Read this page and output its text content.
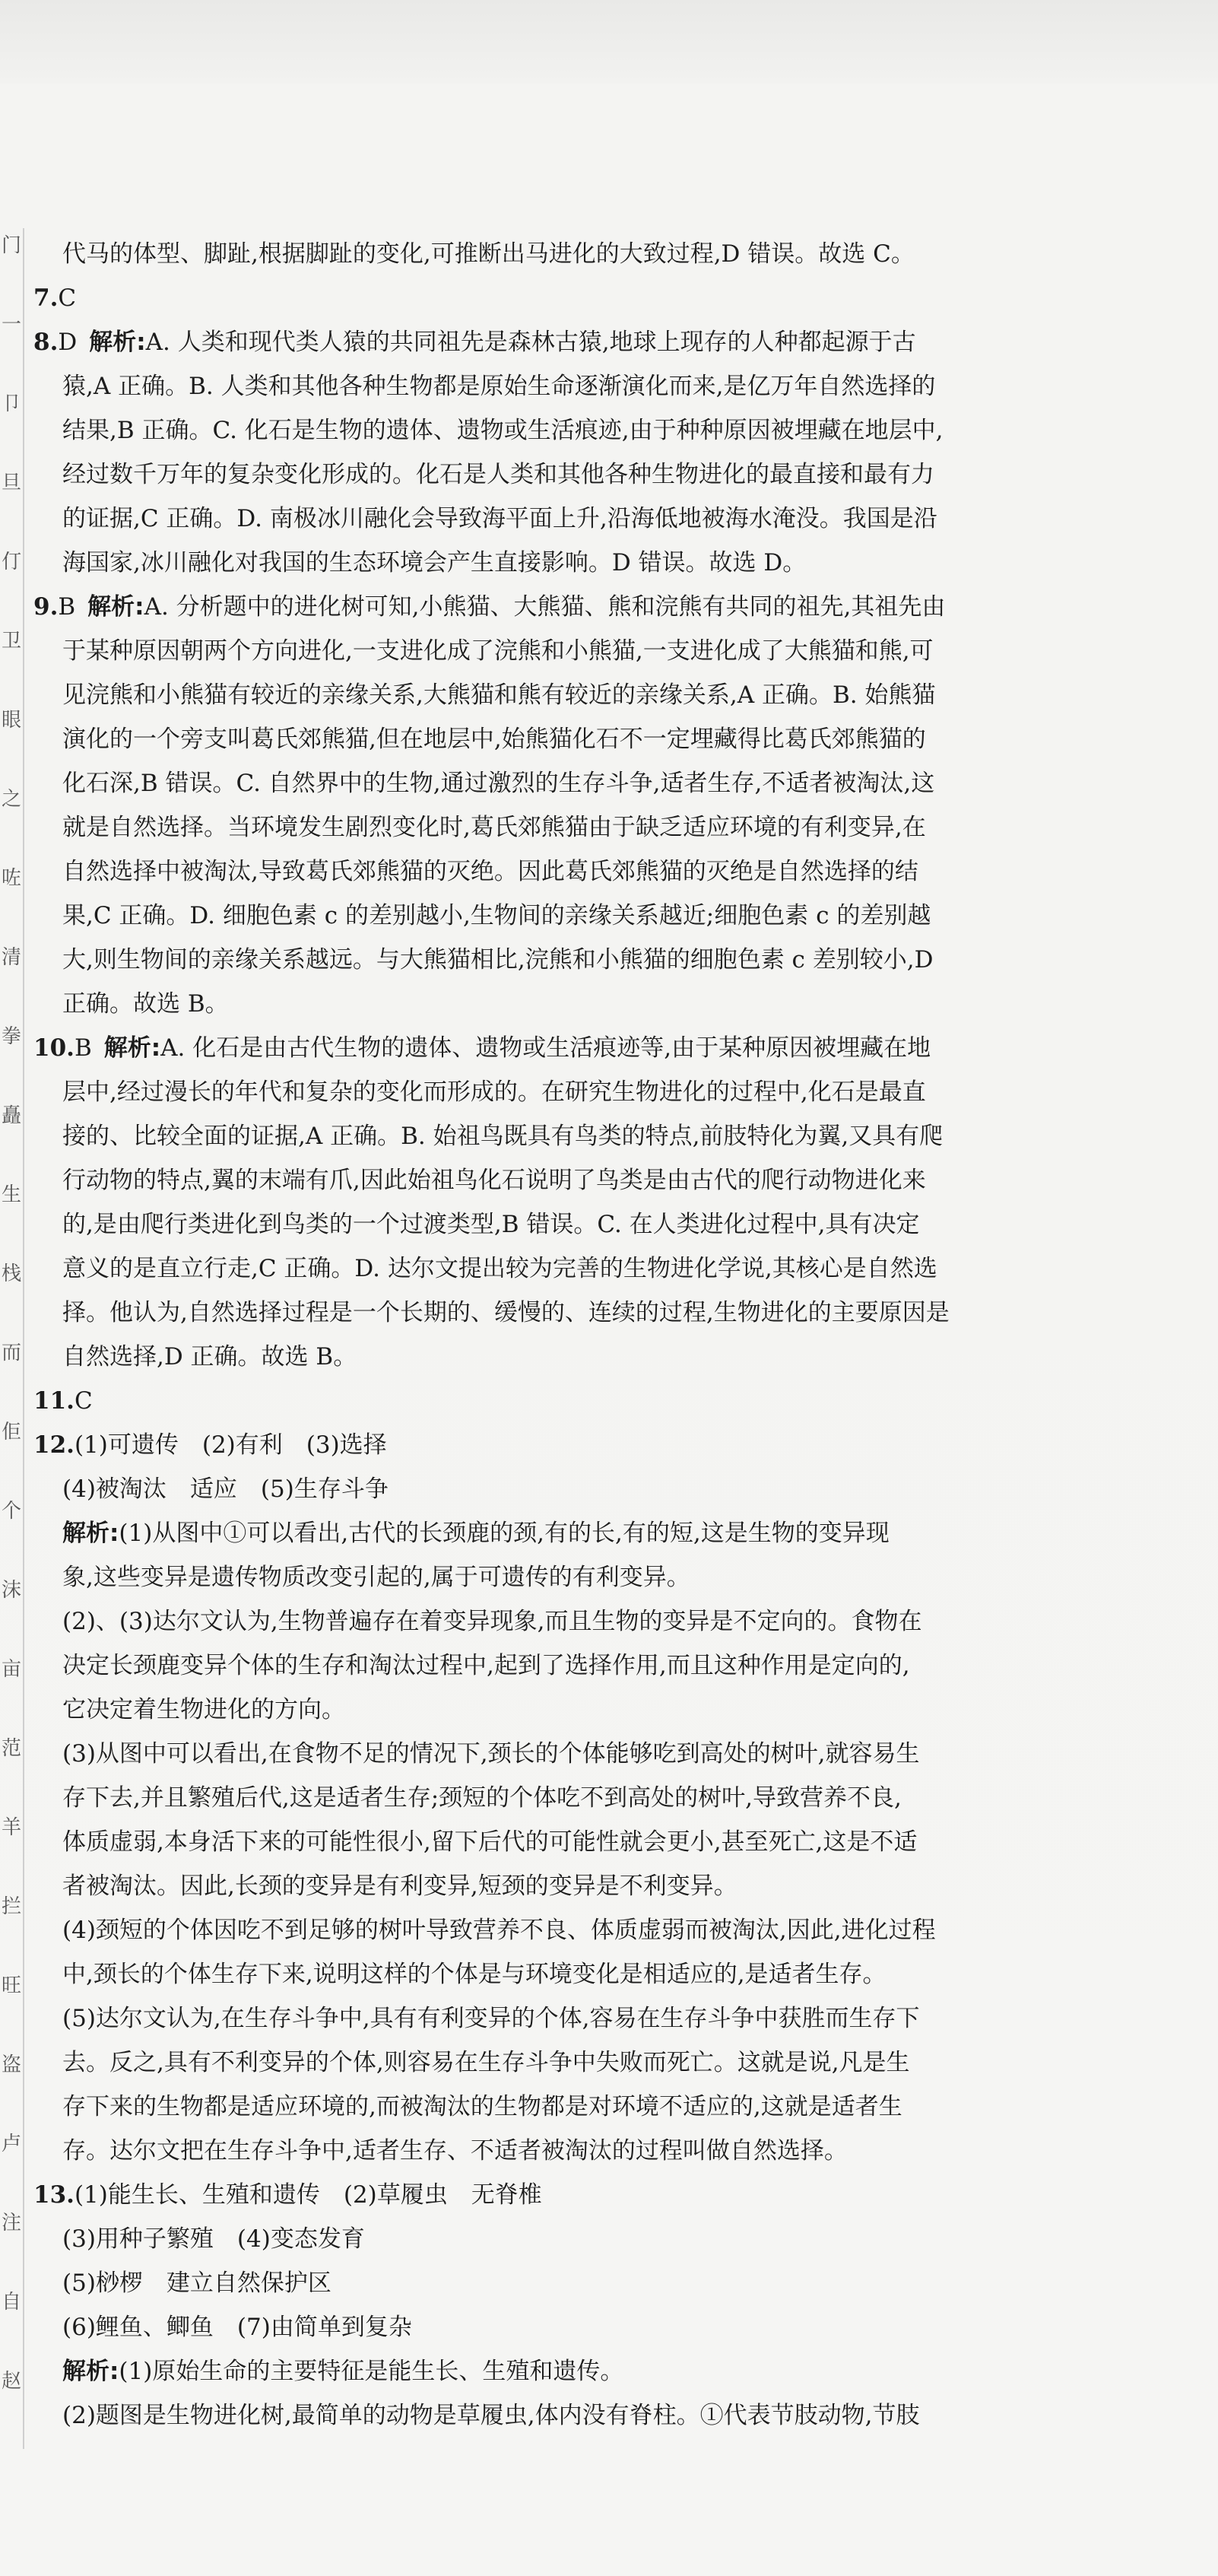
门
一
卩
旦
仃
卫
眼
之
咗
清
拳
矗
生
栈
而
佢
个
沫
亩
范
羊
拦
旺
盗
卢
注
自
赵
代马的体型、脚趾,根据脚趾的变化,可推断出马进化的大致过程,D 错误。故选 C。
7.C
8.D 解析:A. 人类和现代类人猿的共同祖先是森林古猿,地球上现存的人种都起源于古
猿,A 正确。B. 人类和其他各种生物都是原始生命逐渐演化而来,是亿万年自然选择的
结果,B 正确。C. 化石是生物的遗体、遗物或生活痕迹,由于种种原因被埋藏在地层中,
经过数千万年的复杂变化形成的。化石是人类和其他各种生物进化的最直接和最有力
的证据,C 正确。D. 南极冰川融化会导致海平面上升,沿海低地被海水淹没。我国是沿
海国家,冰川融化对我国的生态环境会产生直接影响。D 错误。故选 D。
9.B 解析:A. 分析题中的进化树可知,小熊猫、大熊猫、熊和浣熊有共同的祖先,其祖先由
于某种原因朝两个方向进化,一支进化成了浣熊和小熊猫,一支进化成了大熊猫和熊,可
见浣熊和小熊猫有较近的亲缘关系,大熊猫和熊有较近的亲缘关系,A 正确。B. 始熊猫
演化的一个旁支叫葛氏郊熊猫,但在地层中,始熊猫化石不一定埋藏得比葛氏郊熊猫的
化石深,B 错误。C. 自然界中的生物,通过激烈的生存斗争,适者生存,不适者被淘汰,这
就是自然选择。当环境发生剧烈变化时,葛氏郊熊猫由于缺乏适应环境的有利变异,在
自然选择中被淘汰,导致葛氏郊熊猫的灭绝。因此葛氏郊熊猫的灭绝是自然选择的结
果,C 正确。D. 细胞色素 c 的差别越小,生物间的亲缘关系越近;细胞色素 c 的差别越
大,则生物间的亲缘关系越远。与大熊猫相比,浣熊和小熊猫的细胞色素 c 差别较小,D
正确。故选 B。
10.B 解析:A. 化石是由古代生物的遗体、遗物或生活痕迹等,由于某种原因被埋藏在地
层中,经过漫长的年代和复杂的变化而形成的。在研究生物进化的过程中,化石是最直
接的、比较全面的证据,A 正确。B. 始祖鸟既具有鸟类的特点,前肢特化为翼,又具有爬
行动物的特点,翼的末端有爪,因此始祖鸟化石说明了鸟类是由古代的爬行动物进化来
的,是由爬行类进化到鸟类的一个过渡类型,B 错误。C. 在人类进化过程中,具有决定
意义的是直立行走,C 正确。D. 达尔文提出较为完善的生物进化学说,其核心是自然选
择。他认为,自然选择过程是一个长期的、缓慢的、连续的过程,生物进化的主要原因是
自然选择,D 正确。故选 B。
11.C
12.(1)可遗传　(2)有利　(3)选择
(4)被淘汰　适应　(5)生存斗争
解析:(1)从图中①可以看出,古代的长颈鹿的颈,有的长,有的短,这是生物的变异现
象,这些变异是遗传物质改变引起的,属于可遗传的有利变异。
(2)、(3)达尔文认为,生物普遍存在着变异现象,而且生物的变异是不定向的。食物在
决定长颈鹿变异个体的生存和淘汰过程中,起到了选择作用,而且这种作用是定向的,
它决定着生物进化的方向。
(3)从图中可以看出,在食物不足的情况下,颈长的个体能够吃到高处的树叶,就容易生
存下去,并且繁殖后代,这是适者生存;颈短的个体吃不到高处的树叶,导致营养不良,
体质虚弱,本身活下来的可能性很小,留下后代的可能性就会更小,甚至死亡,这是不适
者被淘汰。因此,长颈的变异是有利变异,短颈的变异是不利变异。
(4)颈短的个体因吃不到足够的树叶导致营养不良、体质虚弱而被淘汰,因此,进化过程
中,颈长的个体生存下来,说明这样的个体是与环境变化是相适应的,是适者生存。
(5)达尔文认为,在生存斗争中,具有有利变异的个体,容易在生存斗争中获胜而生存下
去。反之,具有不利变异的个体,则容易在生存斗争中失败而死亡。这就是说,凡是生
存下来的生物都是适应环境的,而被淘汰的生物都是对环境不适应的,这就是适者生
存。达尔文把在生存斗争中,适者生存、不适者被淘汰的过程叫做自然选择。
13.(1)能生长、生殖和遗传　(2)草履虫　无脊椎
(3)用种子繁殖　(4)变态发育
(5)桫椤　建立自然保护区
(6)鲤鱼、鲫鱼　(7)由简单到复杂
解析:(1)原始生命的主要特征是能生长、生殖和遗传。
(2)题图是生物进化树,最简单的动物是草履虫,体内没有脊柱。①代表节肢动物,节肢
